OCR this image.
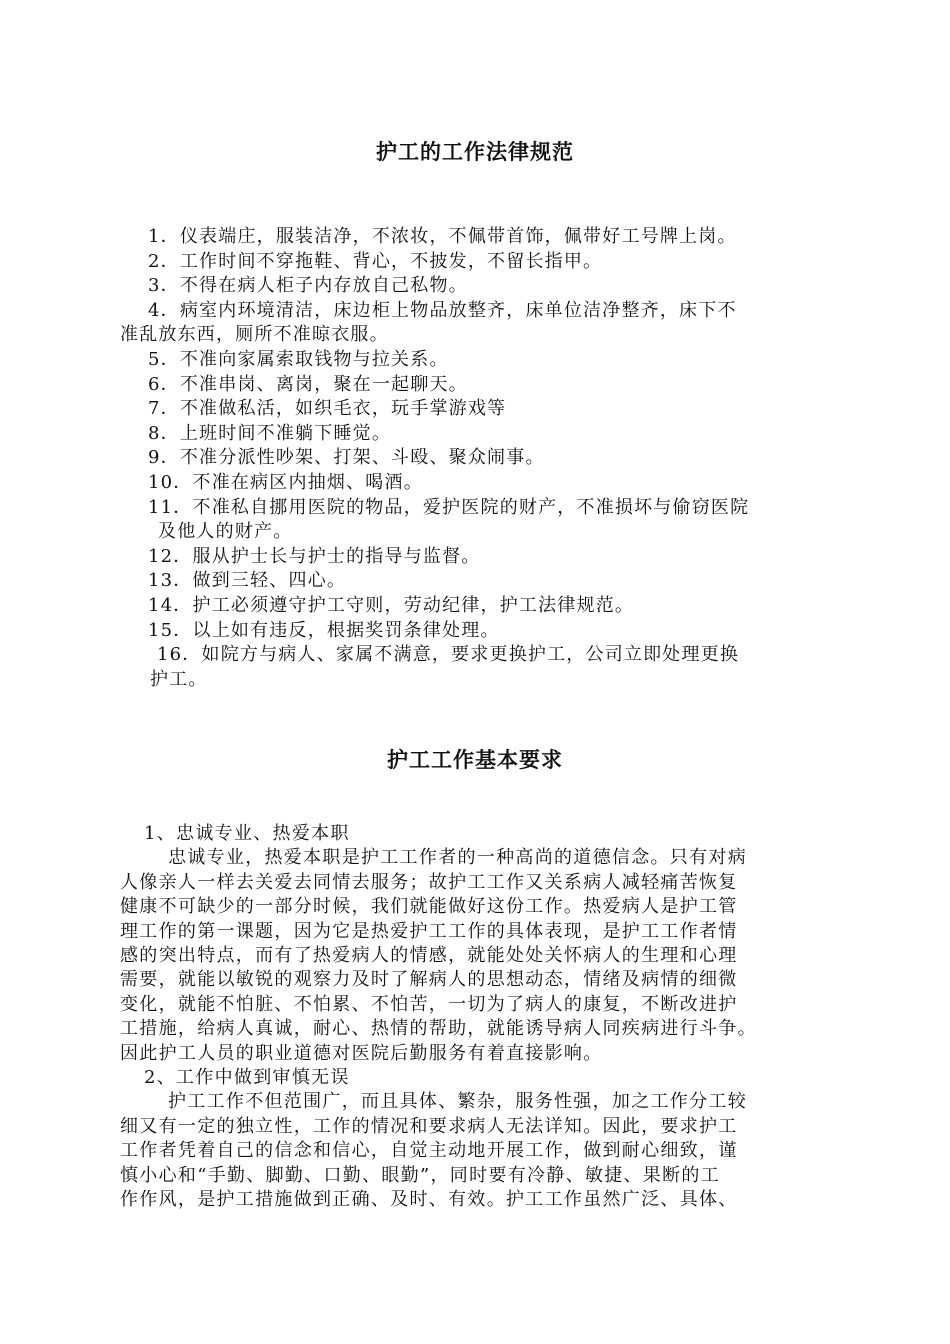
护工的工作法律规范
1．仪表端庄，服装洁净，不浓妆，不佩带首饰，佩带好工号牌上岗。
2．工作时间不穿拖鞋、背心，不披发，不留长指甲。
3．不得在病人柜子内存放自己私物。
4．病室内环境清洁，床边柜上物品放整齐，床单位洁净整齐，床下不
准乱放东西，厕所不准晾衣服。
5．不准向家属索取钱物与拉关系。
6．不准串岗、离岗，聚在一起聊天。
7．不准做私活，如织毛衣，玩手掌游戏等
8．上班时间不准躺下睡觉。
9．不准分派性吵架、打架、斗殴、聚众闹事。
10．不准在病区内抽烟、喝酒。
11．不准私自挪用医院的物品，爱护医院的财产，不准损坏与偷窃医院
及他人的财产。
12．服从护士长与护士的指导与监督。
13．做到三轻、四心。
14．护工必须遵守护工守则，劳动纪律，护工法律规范。
15．以上如有违反，根据奖罚条律处理。
16．如院方与病人、家属不满意，要求更换护工，公司立即处理更换
护工。
护工工作基本要求
1、忠诚专业、热爱本职
忠诚专业，热爱本职是护工工作者的一种高尚的道德信念。只有对病
人像亲人一样去关爱去同情去服务；故护工工作又关系病人减轻痛苦恢复
健康不可缺少的一部分时候，我们就能做好这份工作。热爱病人是护工管
理工作的第一课题，因为它是热爱护工工作的具体表现，是护工工作者情
感的突出特点，而有了热爱病人的情感，就能处处关怀病人的生理和心理
需要，就能以敏锐的观察力及时了解病人的思想动态，情绪及病情的细微
变化，就能不怕脏、不怕累、不怕苦，一切为了病人的康复，不断改进护
工措施，给病人真诚，耐心、热情的帮助，就能诱导病人同疾病进行斗争。
因此护工人员的职业道德对医院后勤服务有着直接影响。
2、工作中做到审慎无误
护工工作不但范围广，而且具体、繁杂，服务性强，加之工作分工较
细又有一定的独立性，工作的情况和要求病人无法详知。因此，要求护工
工作者凭着自己的信念和信心，自觉主动地开展工作，做到耐心细致，谨
慎小心和“手勤、脚勤、口勤、眼勤”，同时要有冷静、敏捷、果断的工
作作风，是护工措施做到正确、及时、有效。护工工作虽然广泛、具体、
